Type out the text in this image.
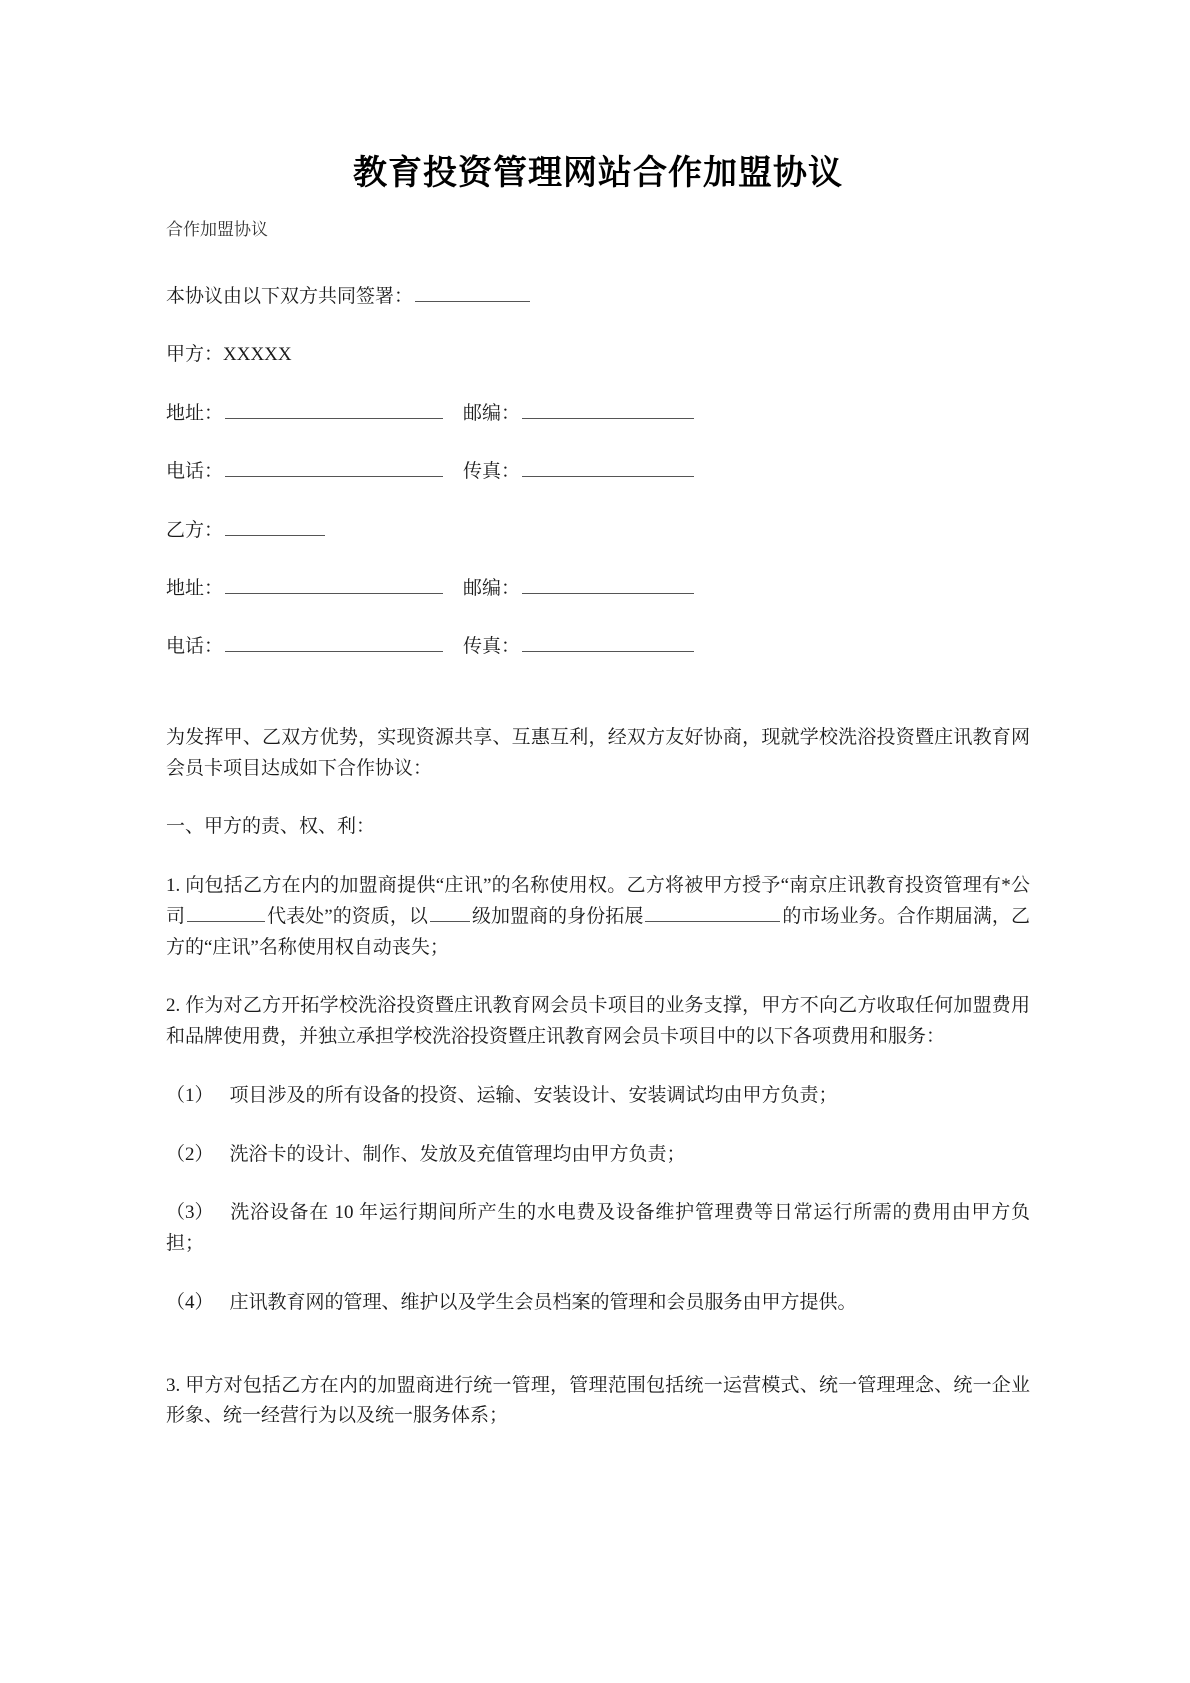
教育投资管理网站合作加盟协议
合作加盟协议
本协议由以下双方共同签署：
甲方：XXXXX
地址：	邮编：
电话：	传真：
乙方：
地址：	邮编：
电话：	传真：

为发挥甲、乙双方优势，实现资源共享、互惠互利，经双方友好协商，现就学校洗浴投资暨庄讯教育网会员卡项目达成如下合作协议：

一、甲方的责、权、利：

1. 向包括乙方在内的加盟商提供“庄讯”的名称使用权。乙方将被甲方授予“南京庄讯教育投资管理有*公司	代表处”的资质，以 级加盟商的身份拓展	的市场业务。合作期届满，乙方的“庄讯”名称使用权自动丧失；

2. 作为对乙方开拓学校洗浴投资暨庄讯教育网会员卡项目的业务支撑，甲方不向乙方收取任何加盟费用和品牌使用费，并独立承担学校洗浴投资暨庄讯教育网会员卡项目中的以下各项费用和服务：

（1） 项目涉及的所有设备的投资、运输、安装设计、安装调试均由甲方负责；

（2） 洗浴卡的设计、制作、发放及充值管理均由甲方负责；

（3） 洗浴设备在 10 年运行期间所产生的水电费及设备维护管理费等日常运行所需的费用由甲方负担；

（4） 庄讯教育网的管理、维护以及学生会员档案的管理和会员服务由甲方提供。

3. 甲方对包括乙方在内的加盟商进行统一管理，管理范围包括统一运营模式、统一管理理念、统一企业形象、统一经营行为以及统一服务体系；
